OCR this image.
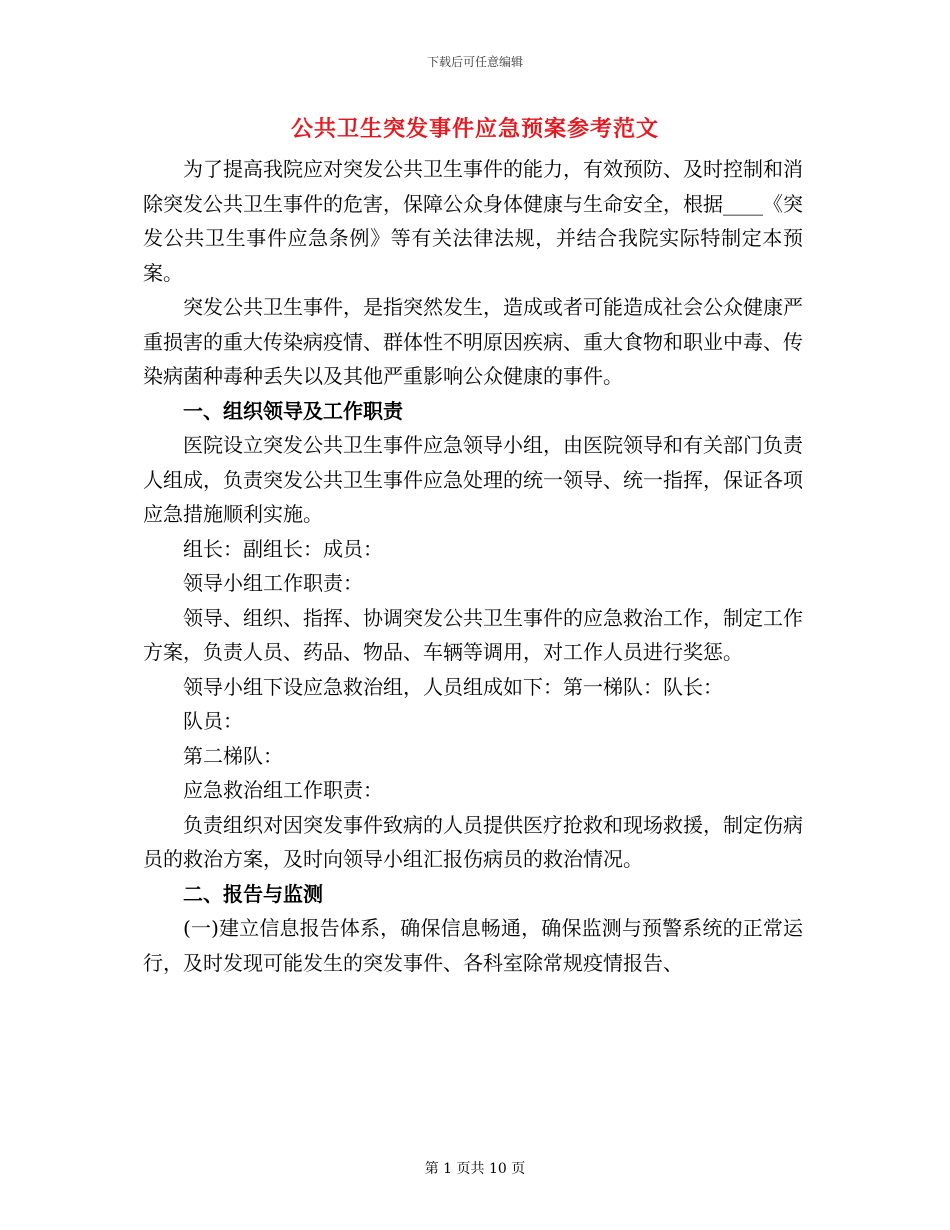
下载后可任意编辑
公共卫生突发事件应急预案参考范文

为了提高我院应对突发公共卫生事件的能力，有效预防、及时控制和消除突发公共卫生事件的危害，保障公众身体健康与生命安全，根据____《突发公共卫生事件应急条例》等有关法律法规，并结合我院实际特制定本预案。

突发公共卫生事件，是指突然发生，造成或者可能造成社会公众健康严重损害的重大传染病疫情、群体性不明原因疾病、重大食物和职业中毒、传染病菌种毒种丢失以及其他严重影响公众健康的事件。

一、组织领导及工作职责

医院设立突发公共卫生事件应急领导小组，由医院领导和有关部门负责人组成，负责突发公共卫生事件应急处理的统一领导、统一指挥，保证各项应急措施顺利实施。

组长：副组长：成员：

领导小组工作职责：

领导、组织、指挥、协调突发公共卫生事件的应急救治工作，制定工作方案，负责人员、药品、物品、车辆等调用，对工作人员进行奖惩。

领导小组下设应急救治组，人员组成如下：第一梯队：队长：

队员：

第二梯队：

应急救治组工作职责：

负责组织对因突发事件致病的人员提供医疗抢救和现场救援，制定伤病员的救治方案，及时向领导小组汇报伤病员的救治情况。

二、报告与监测

(一)建立信息报告体系，确保信息畅通，确保监测与预警系统的正常运行，及时发现可能发生的突发事件、各科室除常规疫情报告、

第 1 页共 10 页
